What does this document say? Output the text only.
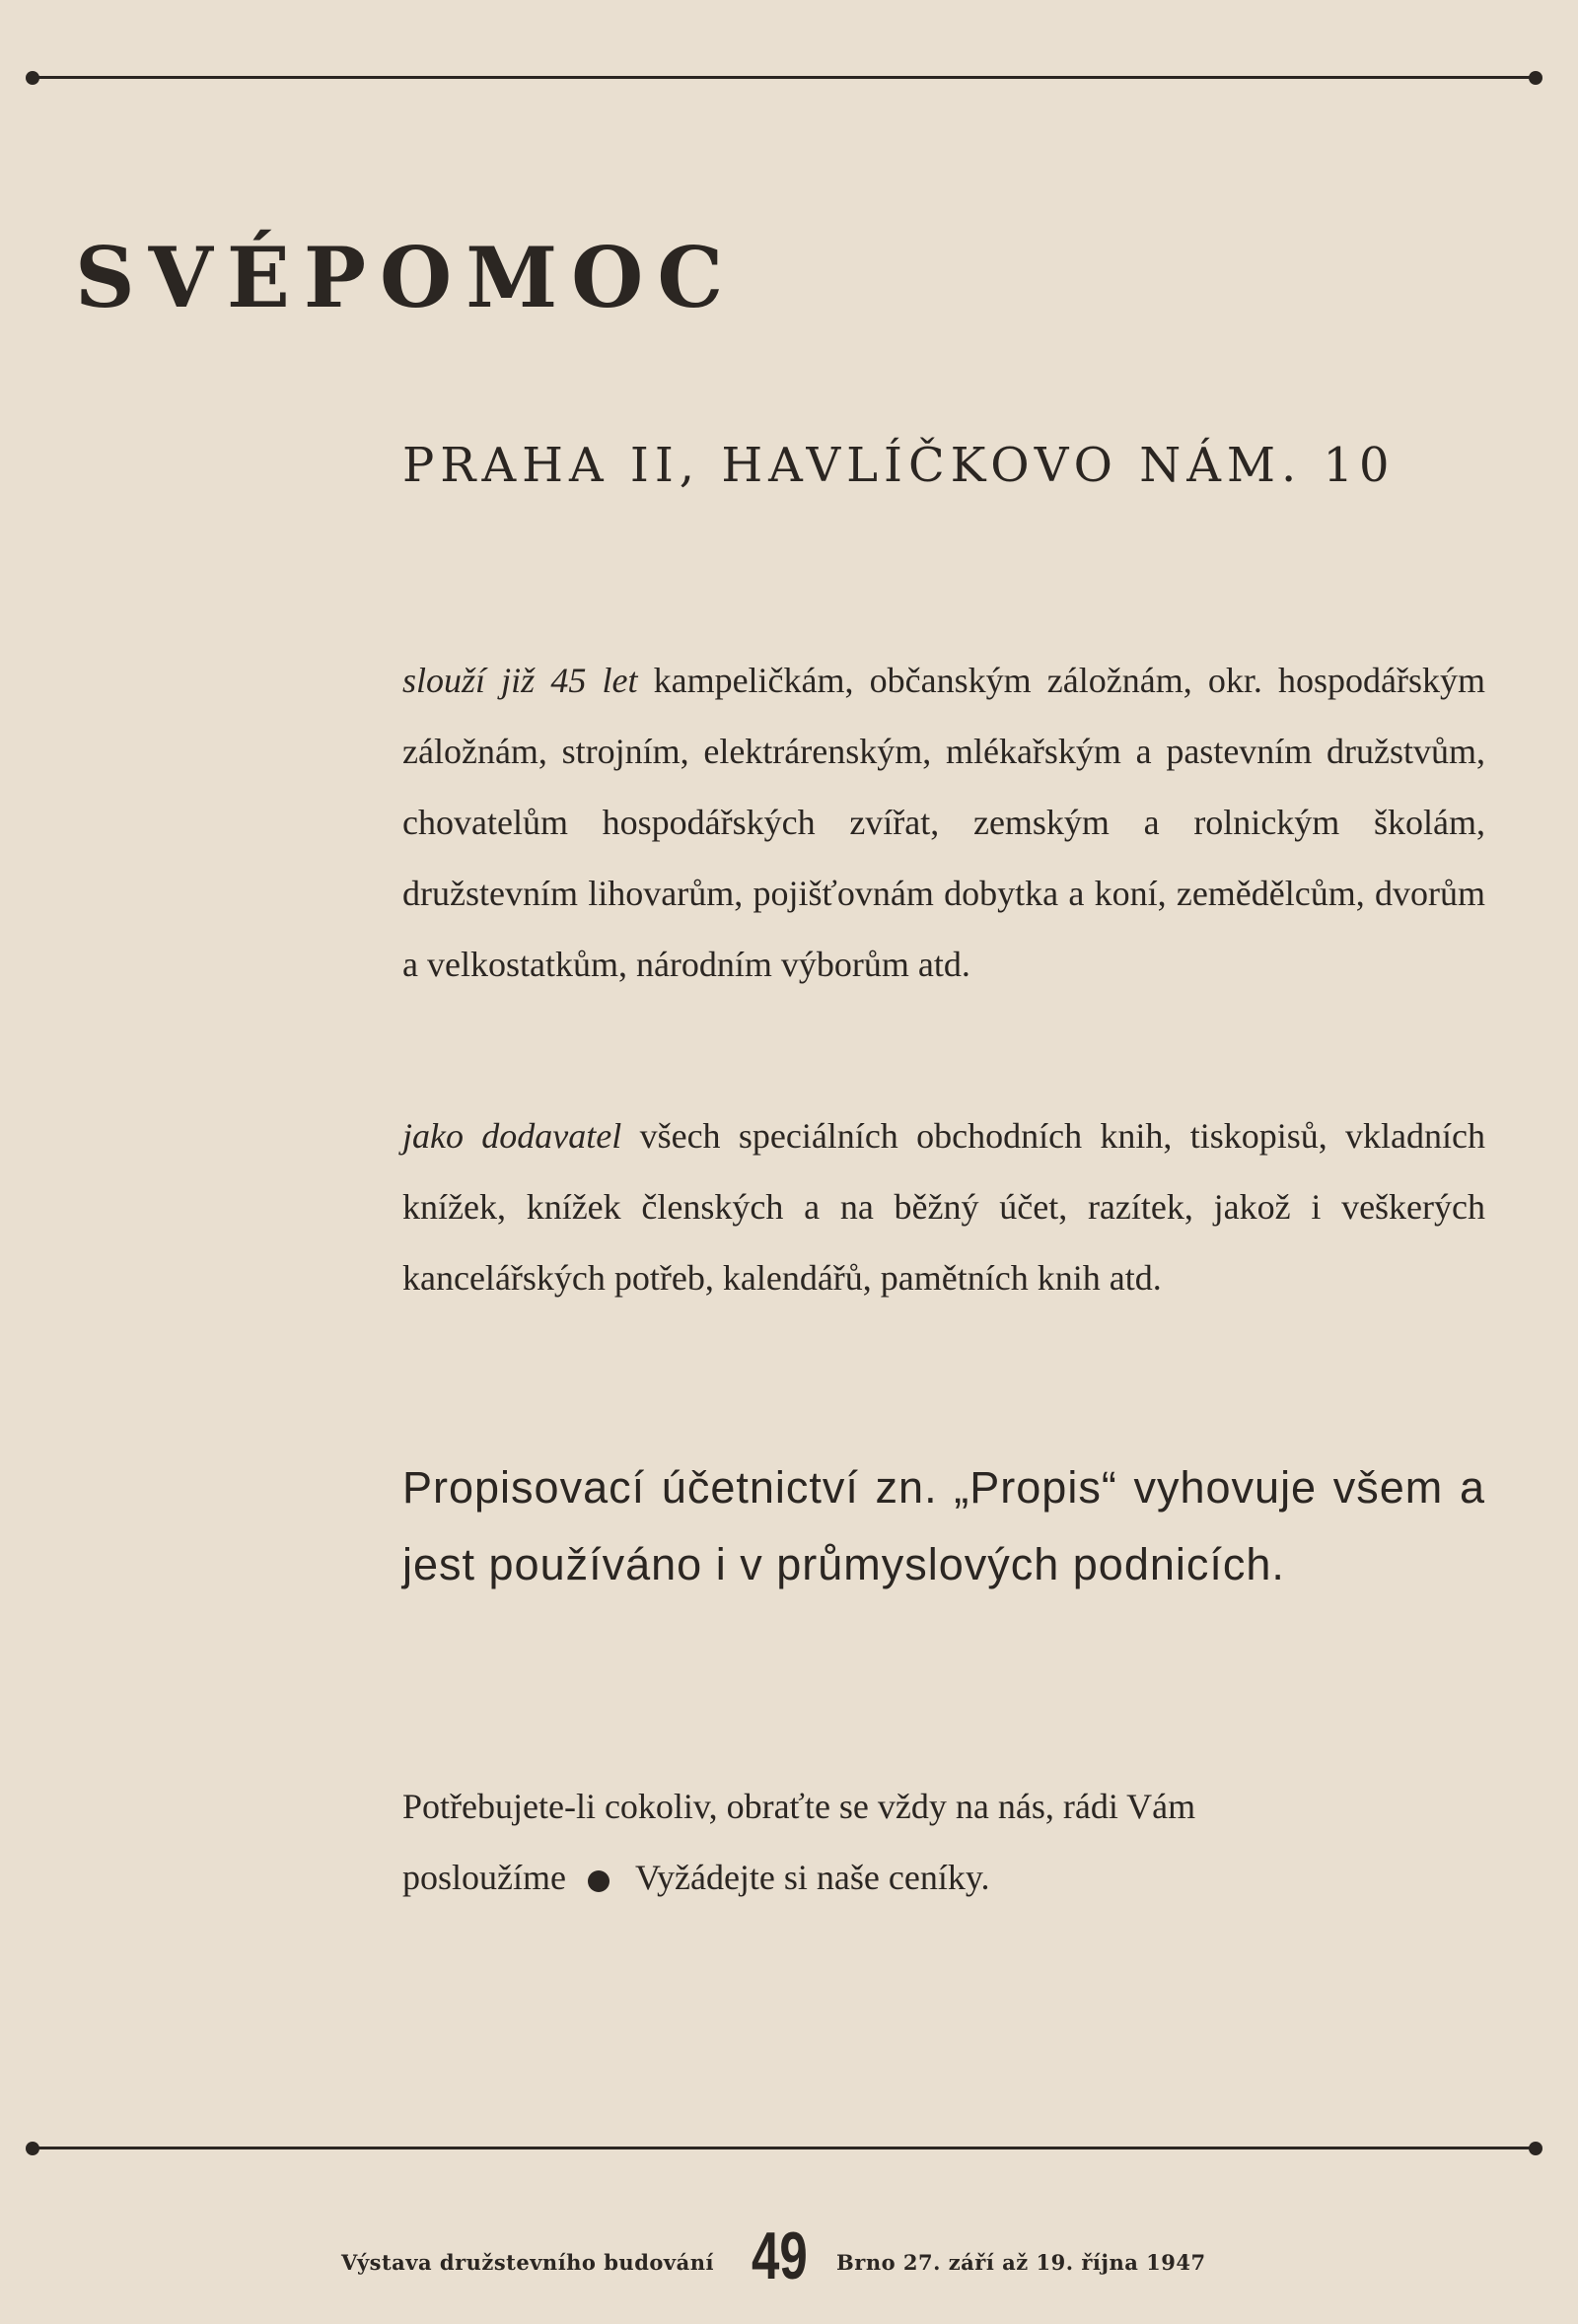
SVÉPOMOC
PRAHA II, HAVLÍČKOVO NÁM. 10

slouží již 45 let kampeličkám, občanským záložnám, okr. hospodářským záložnám, strojním, elektrárenským, mlékařským a pastevním družstvům, chovatelům hospodářských zvířat, zemským a rolnickým školám, družstevním lihovarům, pojišťovnám dobytka a koní, zemědělcům, dvorům a velkostatkům, národním výborům atd.

jako dodavatel všech speciálních obchodních knih, tiskopisů, vkladních knížek, knížek členských a na běžný účet, razítek, jakož i veškerých kancelářských potřeb, kalendářů, pamětních knih atd.

Propisovací účetnictví zn. „Propis“ vyhovuje všem a jest používáno i v průmyslových podnicích.

Potřebujete-li cokoliv, obraťte se vždy na nás, rádi Vám
posloužíme Vyžádejte si naše ceníky.

Výstava družstevního budování 49 Brno 27. září až 19. října 1947
